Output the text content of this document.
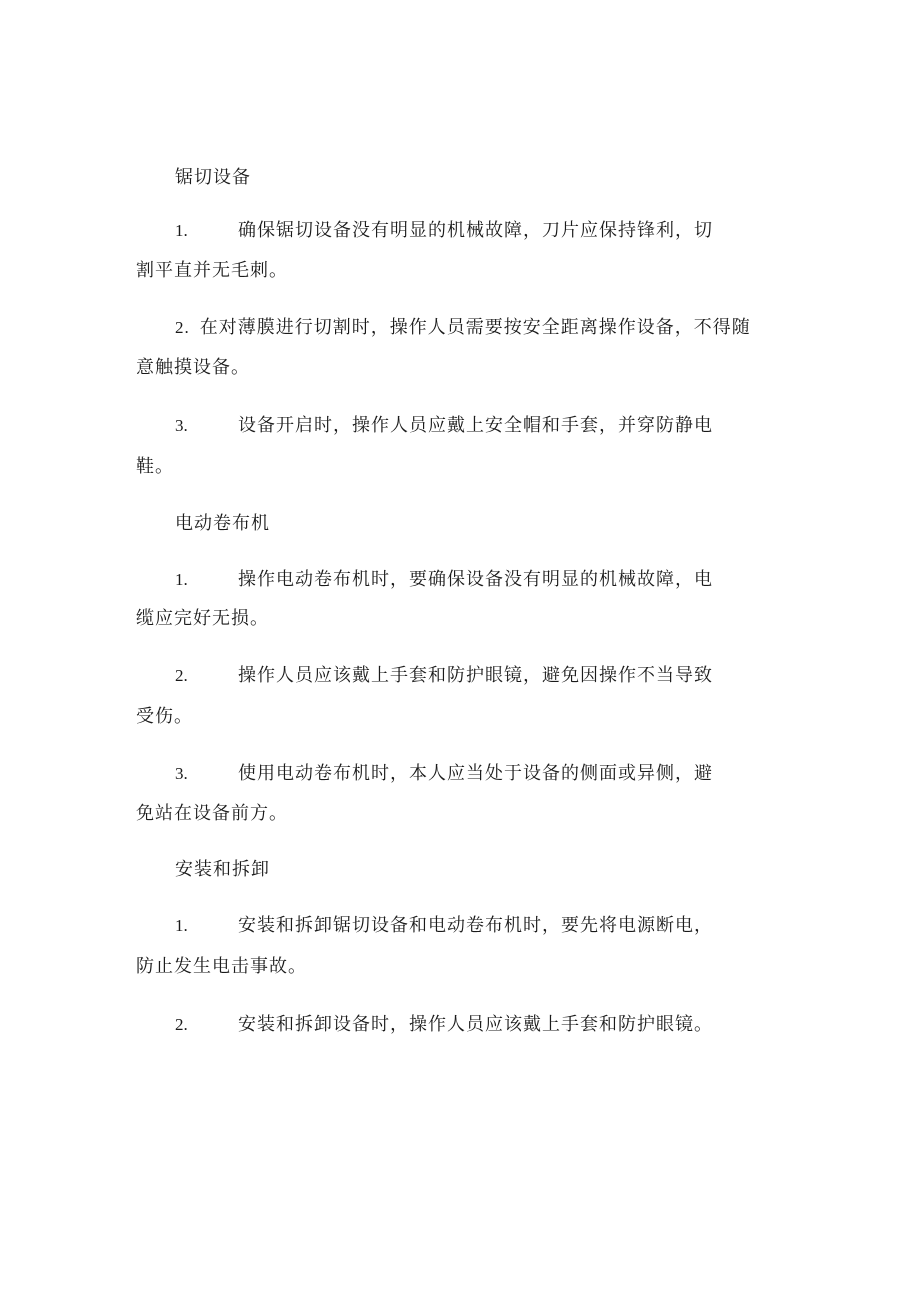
锯切设备
1.	确保锯切设备没有明显的机械故障，刀片应保持锋利，切
割平直并无毛刺。
2. 在对薄膜进行切割时，操作人员需要按安全距离操作设备，不得随
意触摸设备。
3.	设备开启时，操作人员应戴上安全帽和手套，并穿防静电
鞋。
电动卷布机
1.	操作电动卷布机时，要确保设备没有明显的机械故障，电
缆应完好无损。
2.	操作人员应该戴上手套和防护眼镜，避免因操作不当导致
受伤。
3.	使用电动卷布机时，本人应当处于设备的侧面或异侧，避
免站在设备前方。
安装和拆卸
1.	安装和拆卸锯切设备和电动卷布机时，要先将电源断电，
防止发生电击事故。
2.	安装和拆卸设备时，操作人员应该戴上手套和防护眼镜。
